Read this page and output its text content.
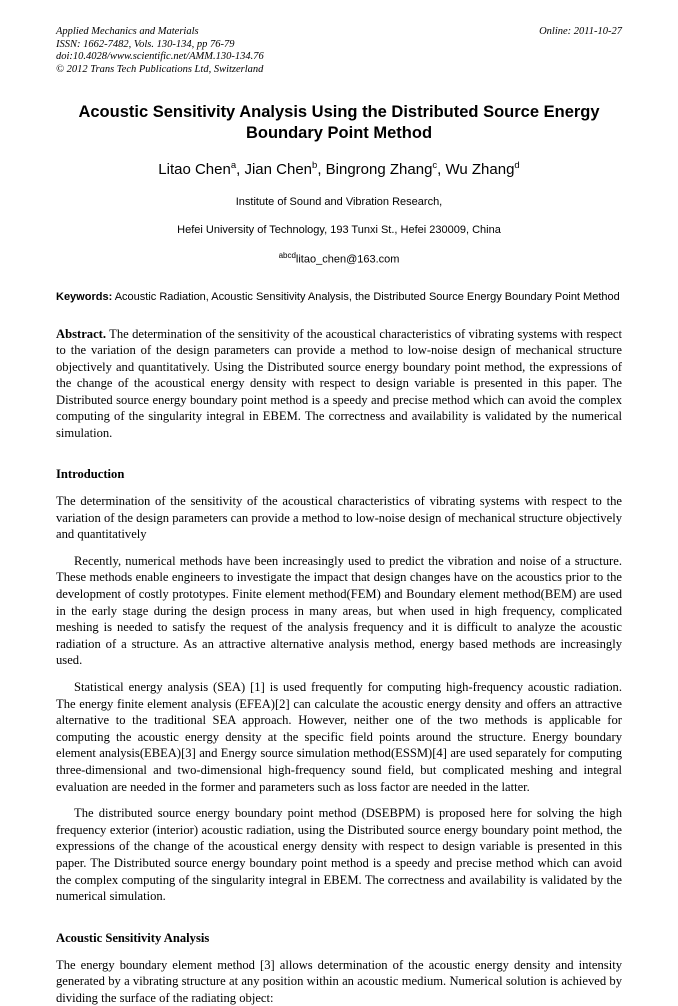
Applied Mechanics and Materials
ISSN: 1662-7482, Vols. 130-134, pp 76-79
doi:10.4028/www.scientific.net/AMM.130-134.76
© 2012 Trans Tech Publications Ltd, Switzerland
Online: 2011-10-27
Acoustic Sensitivity Analysis Using the Distributed Source Energy Boundary Point Method
Litao Chen$^a$, Jian Chen$^b$, Bingrong Zhang$^c$, Wu Zhang$^d$
Institute of Sound and Vibration Research,
Hefei University of Technology, 193 Tunxi St., Hefei 230009, China
$^{abcd}$litao_chen@163.com
Keywords: Acoustic Radiation, Acoustic Sensitivity Analysis, the Distributed Source Energy Boundary Point Method
Abstract. The determination of the sensitivity of the acoustical characteristics of vibrating systems with respect to the variation of the design parameters can provide a method to low-noise design of mechanical structure objectively and quantitatively. Using the Distributed source energy boundary point method, the expressions of the change of the acoustical energy density with respect to design variable is presented in this paper. The Distributed source energy boundary point method is a speedy and precise method which can avoid the complex computing of the singularity integral in EBEM. The correctness and availability is validated by the numerical simulation.
Introduction

The determination of the sensitivity of the acoustical characteristics of vibrating systems with respect to the variation of the design parameters can provide a method to low-noise design of mechanical structure objectively and quantitatively

Recently, numerical methods have been increasingly used to predict the vibration and noise of a structure. These methods enable engineers to investigate the impact that design changes have on the acoustics prior to the development of costly prototypes. Finite element method(FEM) and Boundary element method(BEM) are used in the early stage during the design process in many areas, but when used in high frequency, complicated meshing is needed to satisfy the request of the analysis frequency and it is difficult to analyze the acoustic radiation of a structure. As an attractive alternative analysis method, energy based methods are increasingly used.

Statistical energy analysis (SEA) [1] is used frequently for computing high-frequency acoustic radiation. The energy finite element analysis (EFEA)[2] can calculate the acoustic energy density and offers an attractive alternative to the traditional SEA approach. However, neither one of the two methods is applicable for computing the acoustic energy density at the specific field points around the structure. Energy boundary element analysis(EBEA)[3] and Energy source simulation method(ESSM)[4] are used separately for computing three-dimensional and two-dimensional high-frequency sound field, but complicated meshing and integral evaluation are needed in the former and parameters such as loss factor are needed in the latter.

The distributed source energy boundary point method (DSEBPM) is proposed here for solving the high frequency exterior (interior) acoustic radiation, using the Distributed source energy boundary point method, the expressions of the change of the acoustical energy density with respect to design variable is presented in this paper. The Distributed source energy boundary point method is a speedy and precise method which can avoid the complex computing of the singularity integral in EBEM. The correctness and availability is validated by the numerical simulation.

Acoustic Sensitivity Analysis

The energy boundary element method [3] allows determination of the acoustic energy density and intensity generated by a vibrating structure at any position within an acoustic medium. Numerical solution is achieved by dividing the surface of the radiating object:
